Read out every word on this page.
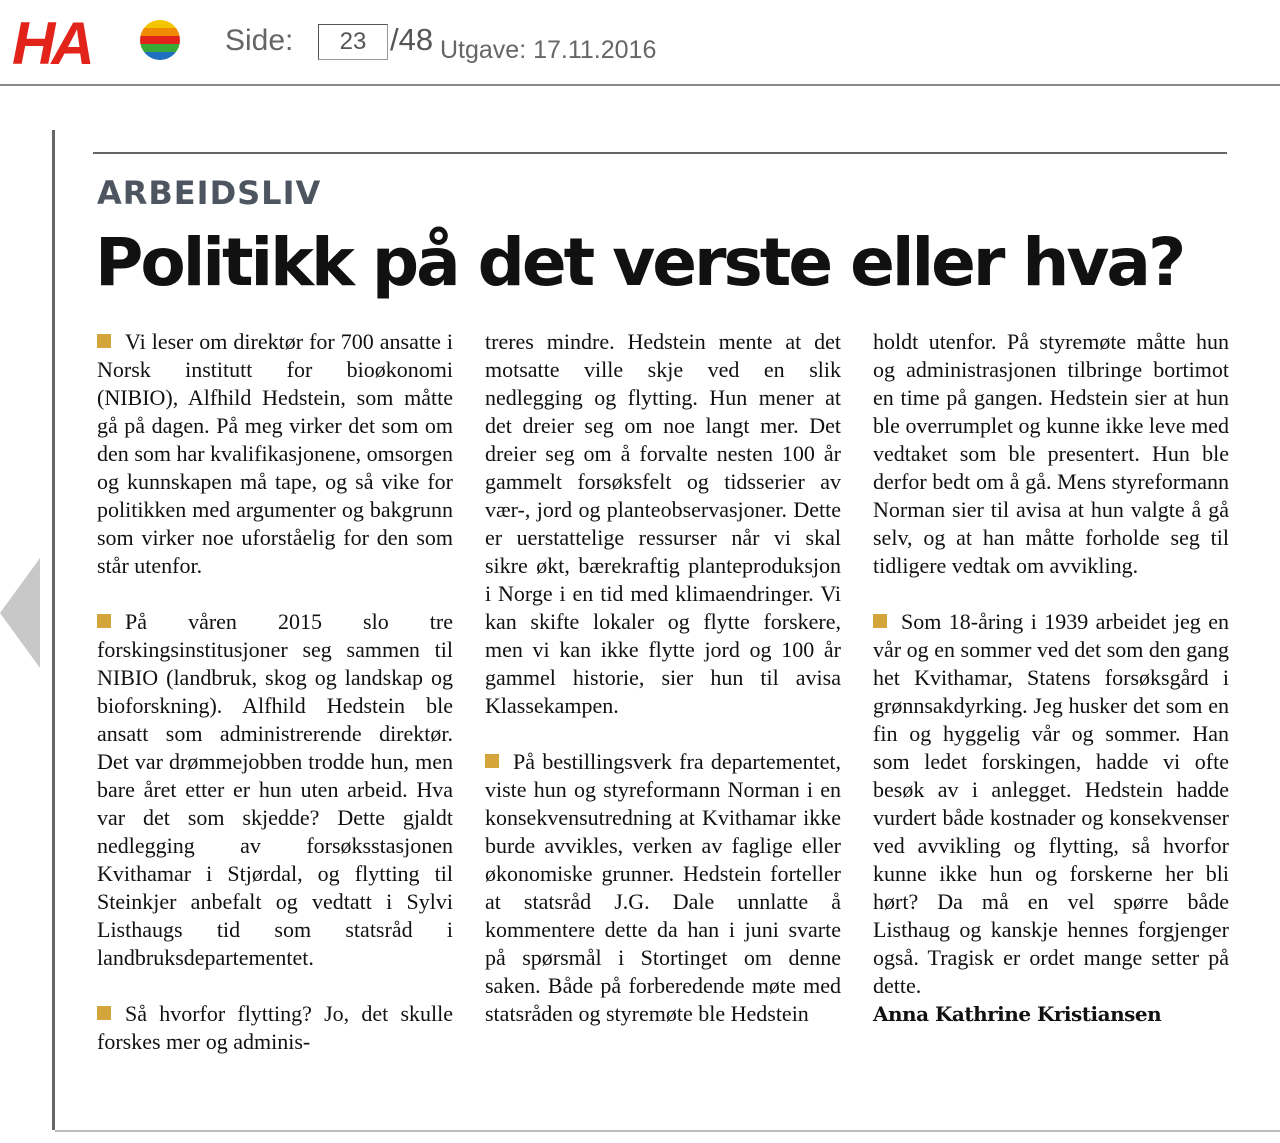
HA	Side:
23	/48 Utgave: 17.11.2016
ARBEIDSLIV
Politikk på det verste eller hva?

Vi leser om direktør for 700 ansatte i Norsk institutt for bioøkonomi (NIBIO), Alfhild Hedstein, som måtte gå på dagen. På meg virker det som om den som har kvalifikasjonene, omsorgen og kunnskapen må tape, og så vike for politikken med argumenter og bakgrunn som virker noe uforståelig for den som står utenfor.

På våren 2015 slo tre forskingsinstitusjoner seg sammen til NIBIO (landbruk, skog og landskap og bioforskning). Alfhild Hedstein ble ansatt som administrerende direktør. Det var drømmejobben trodde hun, men bare året etter er hun uten arbeid. Hva var det som skjedde? Dette gjaldt nedlegging av forsøksstasjonen Kvithamar i Stjørdal, og flytting til Steinkjer anbefalt og vedtatt i Sylvi Listhaugs tid som statsråd i landbruksdepartementet.

Så hvorfor flytting? Jo, det skulle forskes mer og adminis-

treres mindre. Hedstein mente at det motsatte ville skje ved en slik nedlegging og flytting. Hun mener at det dreier seg om noe langt mer. Det dreier seg om å forvalte nesten 100 år gammelt forsøksfelt og tidsserier av vær-, jord og planteobservasjoner. Dette er uerstattelige ressurser når vi skal sikre økt, bærekraftig planteproduksjon i Norge i en tid med klimaendringer. Vi kan skifte lokaler og flytte forskere, men vi kan ikke flytte jord og 100 år gammel historie, sier hun til avisa Klassekampen.

På bestillingsverk fra departementet, viste hun og styreformann Norman i en konsekvensutredning at Kvithamar ikke burde avvikles, verken av faglige eller økonomiske grunner. Hedstein forteller at statsråd J.G. Dale unnlatte å kommentere dette da han i juni svarte på spørsmål i Stortinget om denne saken. Både på forberedende møte med statsråden og styremøte ble Hedstein

holdt utenfor. På styremøte måtte hun og administrasjonen tilbringe bortimot en time på gangen. Hedstein sier at hun ble overrumplet og kunne ikke leve med vedtaket som ble presentert. Hun ble derfor bedt om å gå. Mens styreformann Norman sier til avisa at hun valgte å gå selv, og at han måtte forholde seg til tidligere vedtak om avvikling.

Som 18-åring i 1939 arbeidet jeg en vår og en sommer ved det som den gang het Kvithamar, Statens forsøksgård i grønnsakdyrking. Jeg husker det som en fin og hyggelig vår og sommer. Han som ledet forskingen, hadde vi ofte besøk av i anlegget. Hedstein hadde vurdert både kostnader og konsekvenser ved avvikling og flytting, så hvorfor kunne ikke hun og forskerne her bli hørt? Da må en vel spørre både Listhaug og kanskje hennes forgjenger også. Tragisk er ordet mange setter på dette.

Anna Kathrine Kristiansen
